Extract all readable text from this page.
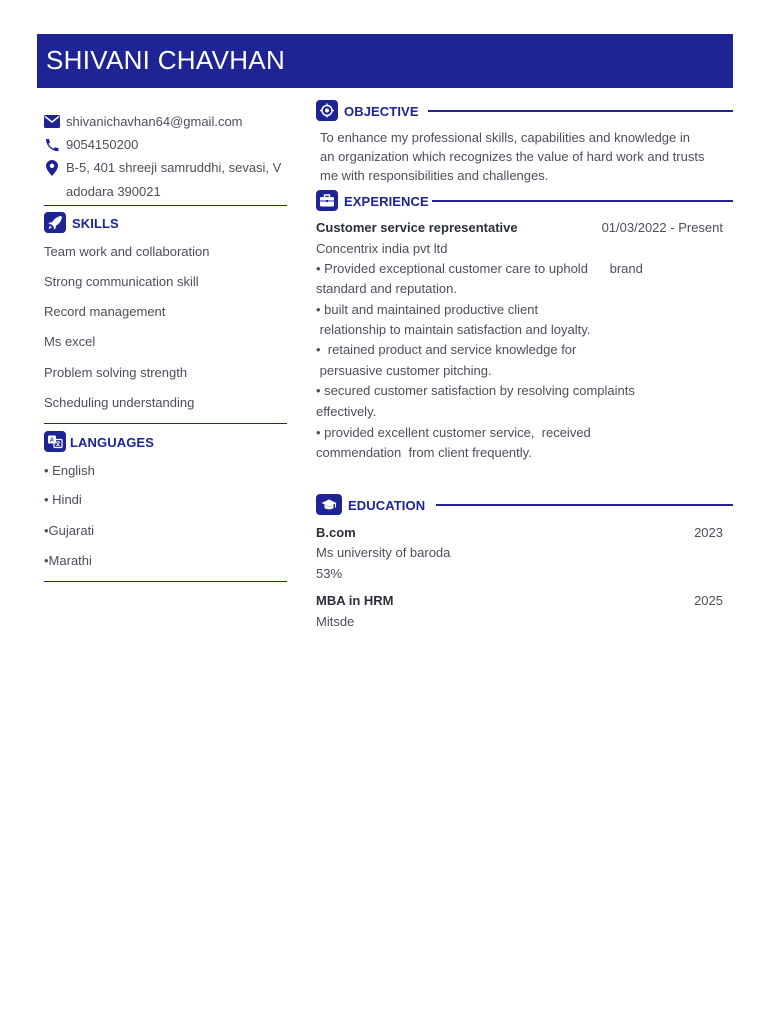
SHIVANI CHAVHAN
shivanichavhan64@gmail.com
9054150200
B-5, 401 shreeji samruddhi, sevasi, V
adodara 390021
SKILLS
Team work and collaboration
Strong communication skill
Record management
Ms excel
Problem solving strength
Scheduling understanding
A LANGUAGES
• English
• Hindi
•Gujarati
•Marathi
OBJECTIVE
To enhance my professional skills, capabilities and knowledge in
an organization which recognizes the value of hard work and trusts
me with responsibilities and challenges.
EXPERIENCE
Customer service representative	01/03/2022 - Present
Concentrix india pvt ltd
• Provided exceptional customer care to uphold      brand
standard and reputation.
• built and maintained productive client
relationship to maintain satisfaction and loyalty.
•  retained product and service knowledge for
persuasive customer pitching.
• secured customer satisfaction by resolving complaints
effectively.
• provided excellent customer service,  received
commendation  from client frequently.
EDUCATION
B.com	2023
Ms university of baroda
53%
MBA in HRM	2025
Mitsde
